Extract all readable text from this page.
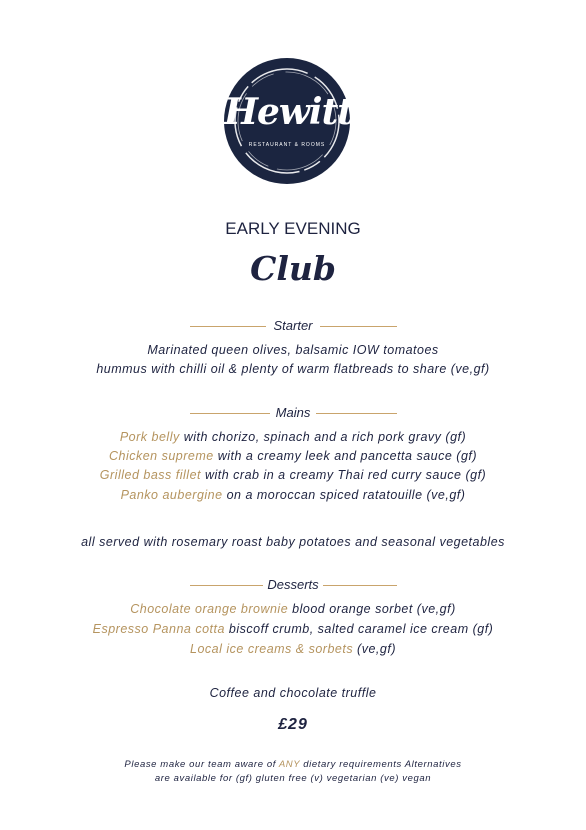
Hewitt's
RESTAURANT & ROOMS
EARLY EVENING
Club
Starter
Marinated queen olives, balsamic IOW tomatoes
hummus with chilli oil & plenty of warm flatbreads to share (ve,gf)
Mains
Pork belly with chorizo, spinach and a rich pork gravy (gf)
Chicken supreme with a creamy leek and pancetta sauce (gf)
Grilled bass fillet with crab in a creamy Thai red curry sauce (gf)
Panko aubergine on a moroccan spiced ratatouille (ve,gf)
all served with rosemary roast baby potatoes and seasonal vegetables
Desserts
Chocolate orange brownie blood orange sorbet (ve,gf)
Espresso Panna cotta biscoff crumb, salted caramel ice cream (gf)
Local ice creams & sorbets (ve,gf)
Coffee and chocolate truffle
£29
Please make our team aware of ANY dietary requirements Alternatives
are available for (gf) gluten free (v) vegetarian (ve) vegan
